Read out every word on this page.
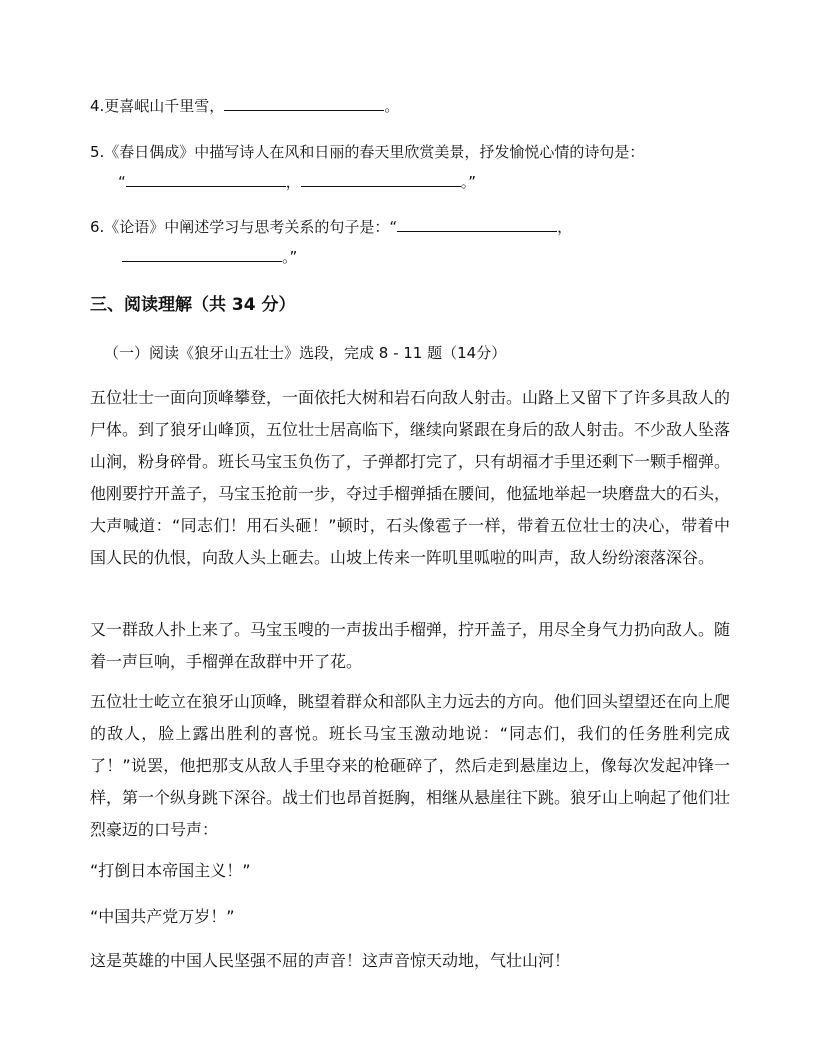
4.更喜岷山千里雪，	。
5.《春日偶成》中描写诗人在风和日丽的春天里欣赏美景，抒发愉悦心情的诗句是：
“	，	。”
6.《论语》中阐述学习与思考关系的句子是：“	，
。”
三、阅读理解（共 34 分）
（一）阅读《狼牙山五壮士》选段，完成 8 - 11 题（14分）
五位壮士一面向顶峰攀登，一面依托大树和岩石向敌人射击。山路上又留下了许多具敌人的尸体。到了狼牙山峰顶，五位壮士居高临下，继续向紧跟在身后的敌人射击。不少敌人坠落山涧，粉身碎骨。班长马宝玉负伤了，子弹都打完了，只有胡福才手里还剩下一颗手榴弹。他刚要拧开盖子，马宝玉抢前一步，夺过手榴弹插在腰间，他猛地举起一块磨盘大的石头，大声喊道：“同志们！用石头砸！”顿时，石头像雹子一样，带着五位壮士的决心，带着中国人民的仇恨，向敌人头上砸去。山坡上传来一阵叽里呱啦的叫声，敌人纷纷滚落深谷。
又一群敌人扑上来了。马宝玉嗖的一声拔出手榴弹，拧开盖子，用尽全身气力扔向敌人。随着一声巨响，手榴弹在敌群中开了花。
五位壮士屹立在狼牙山顶峰，眺望着群众和部队主力远去的方向。他们回头望望还在向上爬的敌人，脸上露出胜利的喜悦。班长马宝玉激动地说：“同志们，我们的任务胜利完成了！”说罢，他把那支从敌人手里夺来的枪砸碎了，然后走到悬崖边上，像每次发起冲锋一样，第一个纵身跳下深谷。战士们也昂首挺胸，相继从悬崖往下跳。狼牙山上响起了他们壮烈豪迈的口号声：
“打倒日本帝国主义！”
“中国共产党万岁！”
这是英雄的中国人民坚强不屈的声音！这声音惊天动地，气壮山河！
